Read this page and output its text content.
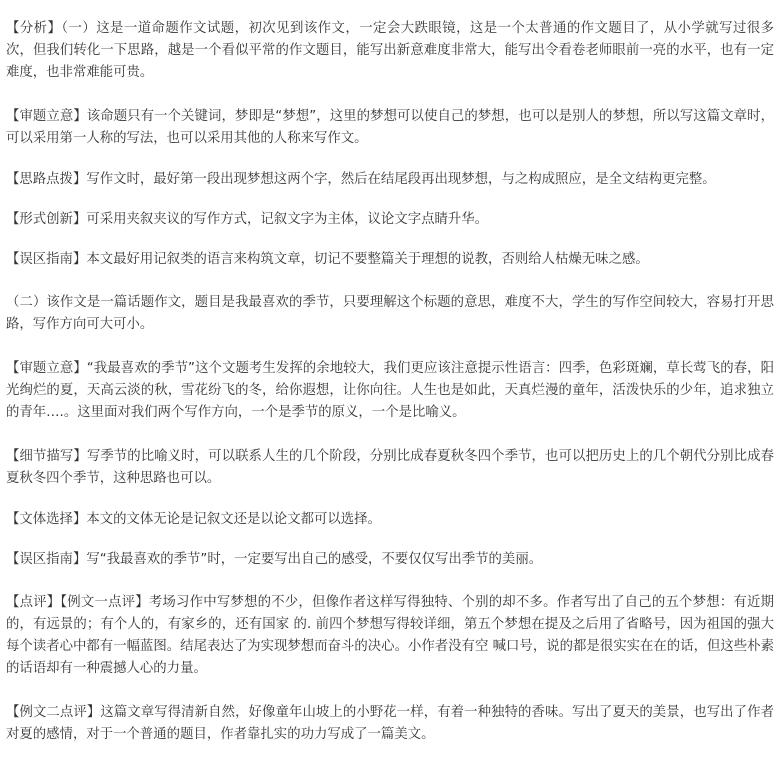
【分析】（一）这是一道命题作文试题，初次见到该作文，一定会大跌眼镜，这是一个太普通的作文题目了，从小学就写过很多次，但我们转化一下思路，越是一个看似平常的作文题目，能写出新意难度非常大，能写出令看卷老师眼前一亮的水平，也有一定难度，也非常难能可贵。

【审题立意】该命题只有一个关键词，梦即是“梦想”，这里的梦想可以使自己的梦想，也可以是别人的梦想，所以写这篇文章时，可以采用第一人称的写法，也可以采用其他的人称来写作文。

【思路点拨】写作文时，最好第一段出现梦想这两个字，然后在结尾段再出现梦想，与之构成照应，是全文结构更完整。

【形式创新】可采用夹叙夹议的写作方式，记叙文字为主体，议论文字点睛升华。

【误区指南】本文最好用记叙类的语言来构筑文章，切记不要整篇关于理想的说教，否则给人枯燥无味之感。

（二）该作文是一篇话题作文，题目是我最喜欢的季节，只要理解这个标题的意思，难度不大，学生的写作空间较大，容易打开思路，写作方向可大可小。

【审题立意】“我最喜欢的季节”这个文题考生发挥的余地较大，我们更应该注意提示性语言：四季，色彩斑斓，草长莺飞的春，阳光绚烂的夏，天高云淡的秋，雪花纷飞的冬，给你遐想，让你向往。人生也是如此，天真烂漫的童年，活泼快乐的少年，追求独立的青年….。这里面对我们两个写作方向，一个是季节的原义，一个是比喻义。

【细节描写】写季节的比喻义时，可以联系人生的几个阶段，分别比成春夏秋冬四个季节，也可以把历史上的几个朝代分别比成春夏秋冬四个季节，这种思路也可以。

【文体选择】本文的文体无论是记叙文还是以论文都可以选择。

【误区指南】写“我最喜欢的季节”时，一定要写出自己的感受，不要仅仅写出季节的美丽。

【点评】【例文一点评】考场习作中写梦想的不少，但像作者这样写得独特、个别的却不多。作者写出了自己的五个梦想：有近期的，有远景的；有个人的，有家乡的，还有国家 的. 前四个梦想写得较详细，第五个梦想在提及之后用了省略号，因为祖国的强大每个读者心中都有一幅蓝图。结尾表达了为实现梦想而奋斗的决心。小作者没有空 喊口号，说的都是很实实在在的话，但这些朴素的话语却有一种震撼人心的力量。

【例文二点评】这篇文章写得清新自然，好像童年山坡上的小野花一样，有着一种独特的香味。写出了夏天的美景，也写出了作者对夏的感情，对于一个普通的题目，作者靠扎实的功力写成了一篇美文。
